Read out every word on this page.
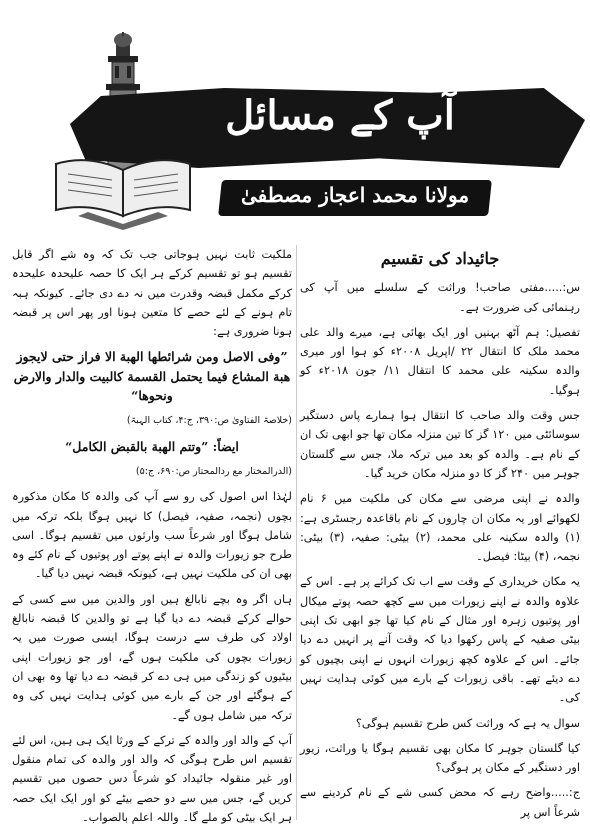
آپ کے مسائل
مولانا محمد اعجاز مصطفیٰ

جائیداد کی تقسیم

س:.....مفتی صاحب! وراثت کے سلسلے میں آپ کی رہنمائی کی ضرورت ہے۔

تفصیل: ہم آٹھ بہنیں اور ایک بھائی ہے، میرے والد علی محمد ملک کا انتقال ۲۲ /اپریل ۲۰۰۸ء کو ہوا اور میری والدہ سکینہ علی محمد کا انتقال ۱۱/ جون ۲۰۱۸ء کو ہوگیا۔

جس وقت والد صاحب کا انتقال ہوا ہمارے پاس دستگیر سوسائٹی میں ۱۲۰ گز کا تین منزلہ مکان تھا جو ابھی تک ان کے نام ہے۔ والدہ کو بعد میں ترکہ ملا، جس سے گلستان جوہر میں ۲۴۰ گز کا دو منزلہ مکان خرید گیا۔

والدہ نے اپنی مرضی سے مکان کی ملکیت میں ۶ نام لکھوائے اور یہ مکان ان چاروں کے نام باقاعدہ رجسٹری ہے: (۱) والدہ سکینہ علی محمد، (۲) بیٹی: صفیہ، (۳) بیٹی: نجمہ، (۴) بیٹا: فیصل۔

یہ مکان خریداری کے وقت سے اب تک کرائے پر ہے۔ اس کے علاوہ والدہ نے اپنے زیورات میں سے کچھ حصہ پوتے میکال اور پوتیوں زہرہ اور مثال کے نام کیا تھا جو ابھی تک اپنی بیٹی صفیہ کے پاس رکھوا دیا کہ وقت آنے پر انہیں دے دیا جائے۔ اس کے علاوہ کچھ زیورات انہوں نے اپنی بچیوں کو دے دیئے تھے۔ باقی زیورات کے بارے میں کوئی ہدایت نہیں کی۔

سوال یہ ہے کہ وراثت کس طرح تقسیم ہوگی؟

کیا گلستان جوہر کا مکان بھی تقسیم ہوگا یا وراثت، زیور اور دستگیر کے مکان پر ہوگی؟

ج:.....واضح رہے کہ محض کسی شے کے نام کردینے سے شرعاً اس پر

ملکیت ثابت نہیں ہوجاتی جب تک کہ وہ شے اگر قابل تقسیم ہو تو تقسیم کرکے ہر ایک کا حصہ علیحدہ علیحدہ کرکے مکمل قبضہ وقدرت میں نہ دے دی جائے۔ کیونکہ ہبہ تام ہونے کے لئے حصے کا متعین ہونا اور پھر اس پر قبضہ ہونا ضروری ہے:

”وفی الاصل ومن شرائطها الهبة الا فراز حتی لایجوز هبة المشاع فیما یحتمل القسمة کالبیت والدار والارض ونحوها“

(خلاصۃ الفتاویٰ ص:۳۹۰، ج:۴، کتاب الہبۃ)

ایضاً: ”وتتم الهبة بالقبض الکامل“

(الدرالمختار مع ردالمحتار ص:۶۹۰، ج:۵)

لہٰذا اس اصول کی رو سے آپ کی والدہ کا مکان مذکورہ بچوں (نجمہ، صفیہ، فیصل) کا نہیں ہوگا بلکہ ترکہ میں شامل ہوگا اور شرعاً سب وارثوں میں تقسیم ہوگا۔ اسی طرح جو زیورات والدہ نے اپنے پوتے اور پوتیوں کے نام کئے وہ بھی ان کی ملکیت نہیں ہے، کیونکہ قبضہ نہیں دیا گیا۔

ہاں اگر وہ بچے نابالغ ہیں اور والدین میں سے کسی کے حوالے کرکے قبضہ دے دیا گیا ہے تو والدین کا قبضہ نابالغ اولاد کی طرف سے درست ہوگا، ایسی صورت میں یہ زیورات بچوں کی ملکیت ہوں گے، اور جو زیورات اپنی بیٹیوں کو زندگی میں ہی دے کر قبضہ دے دیا تھا وہ بھی ان کے ہوگئے اور جن کے بارے میں کوئی ہدایت نہیں کی وہ ترکہ میں شامل ہوں گے۔

آپ کے والد اور والدہ کے ترکے کے ورثا ایک ہی ہیں، اس لئے تقسیم اس طرح ہوگی کہ والد اور والدہ کی تمام منقول اور غیر منقولہ جائیداد کو شرعاً دس حصوں میں تقسیم کریں گے، جس میں سے دو حصے بیٹے کو اور ایک ایک حصہ ہر ایک بیٹی کو ملے گا۔ واللہ اعلم بالصواب۔
